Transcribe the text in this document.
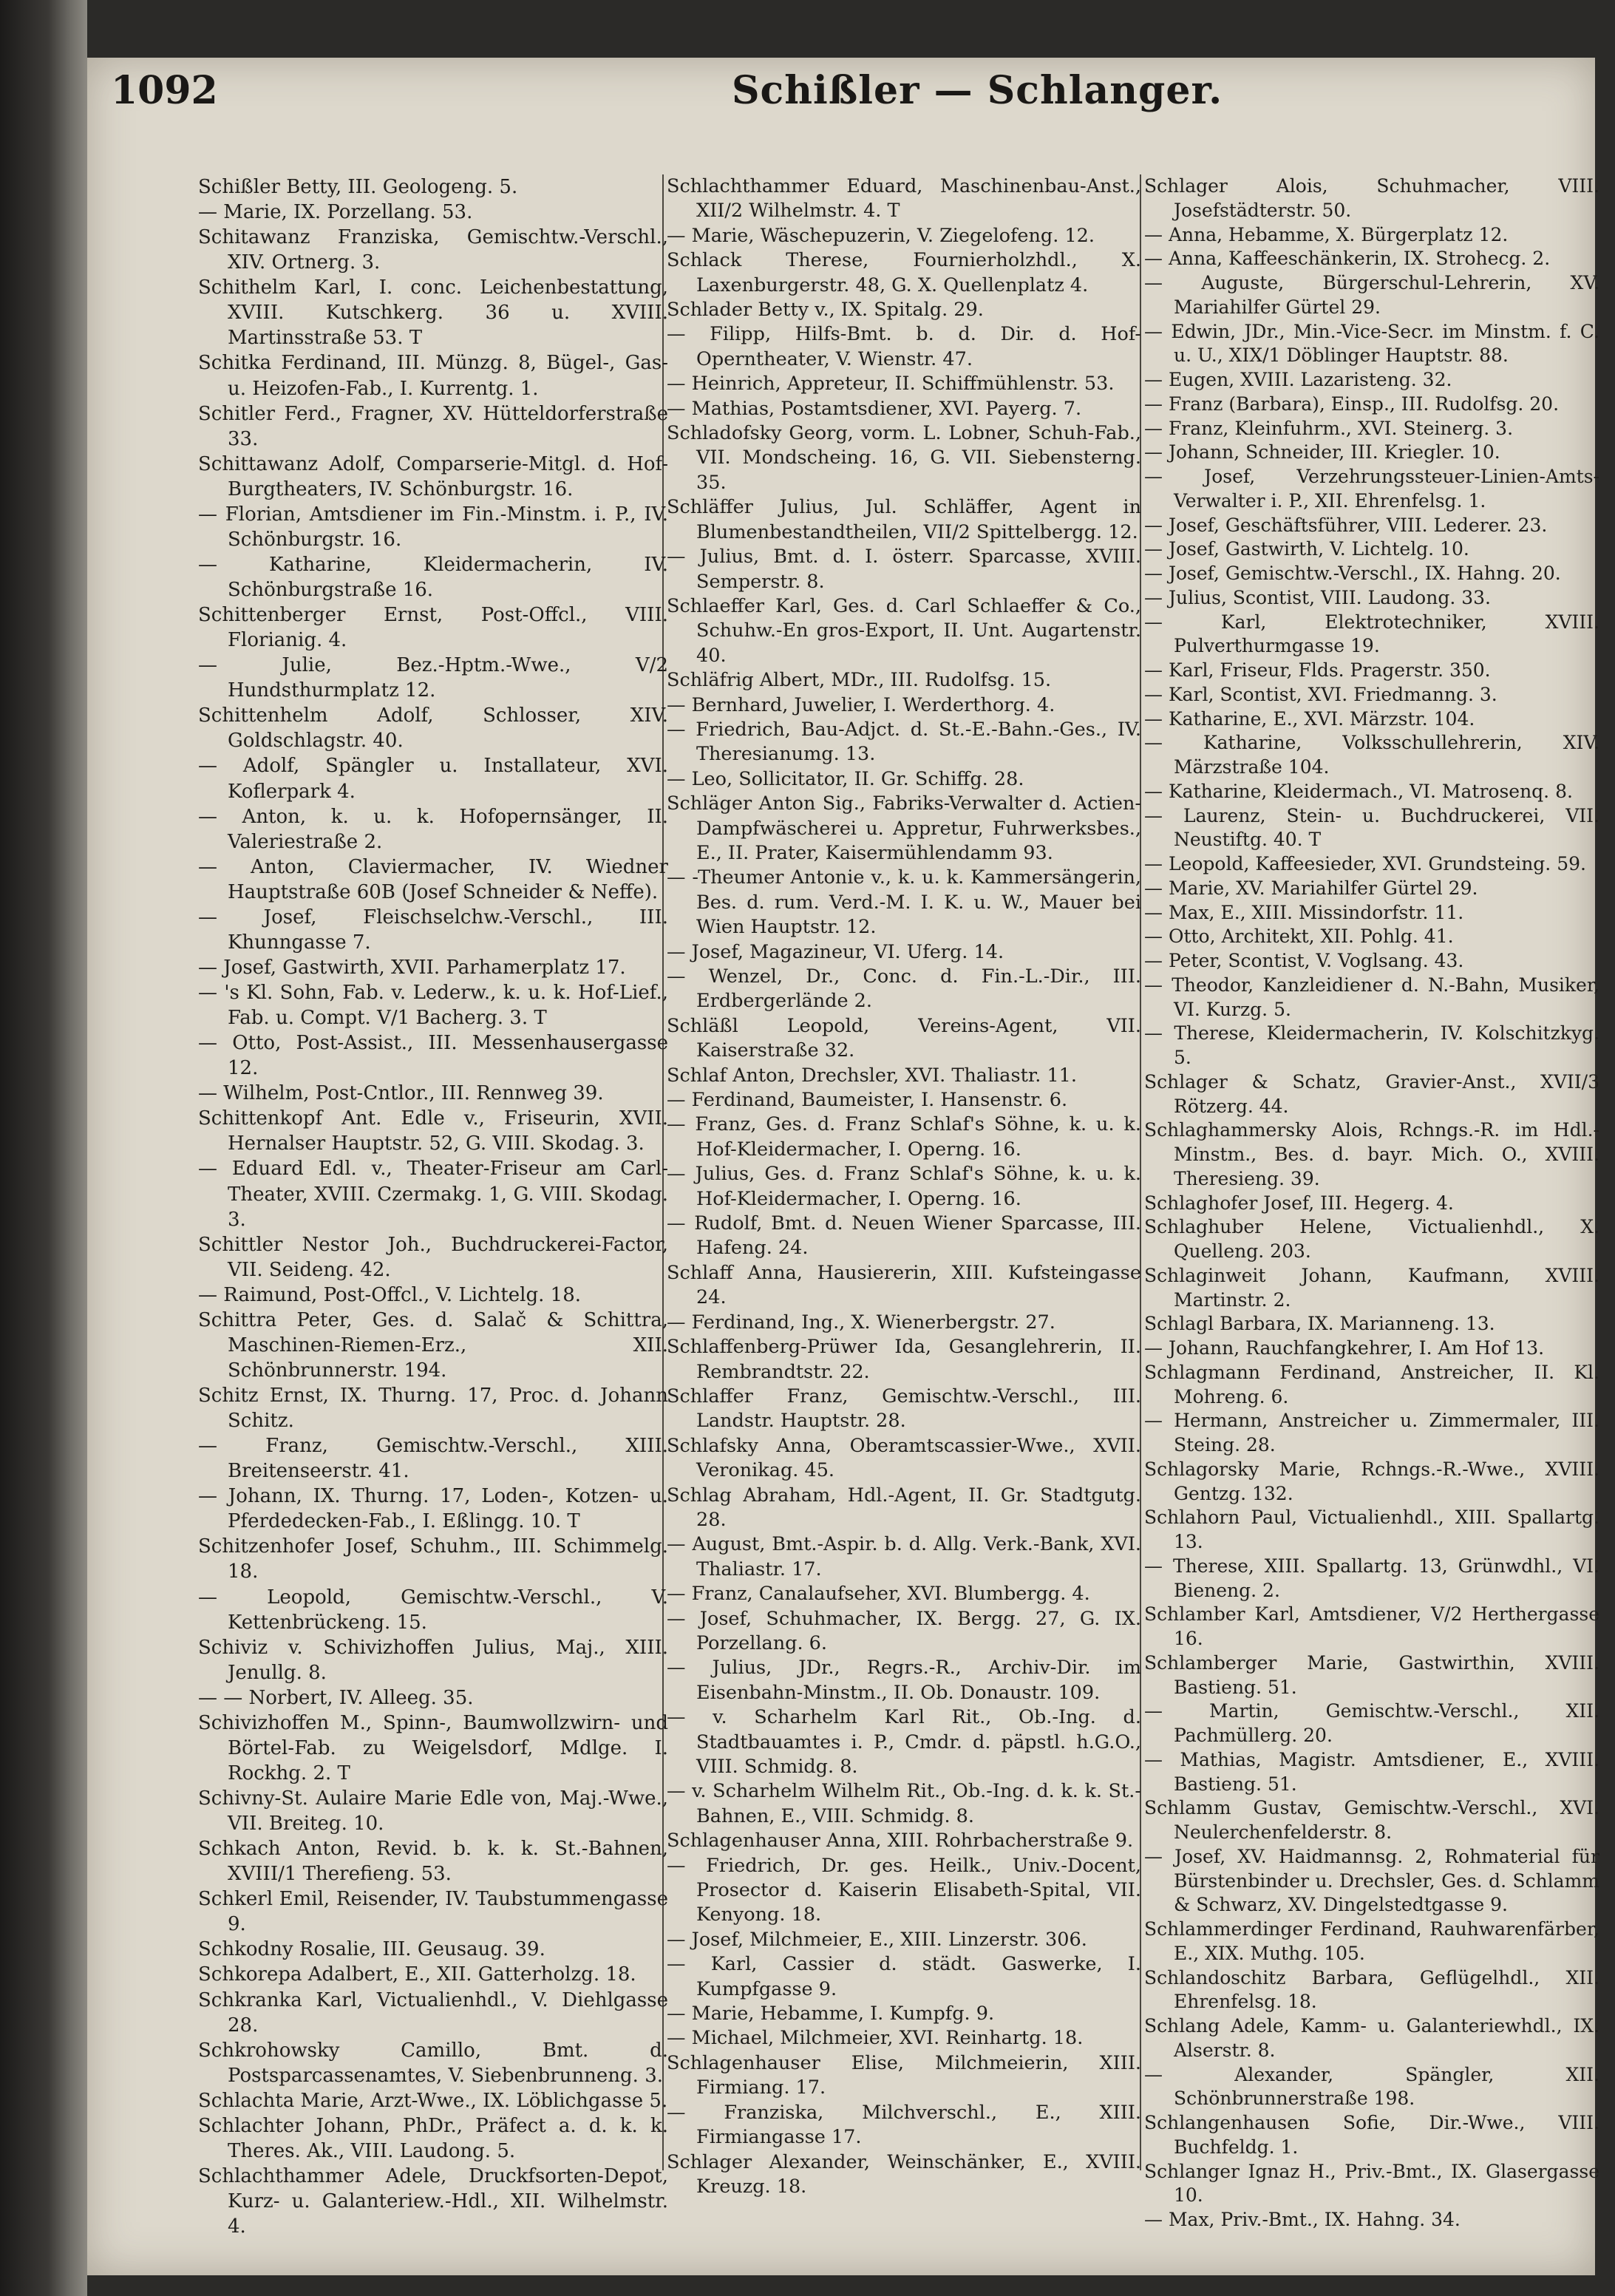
1092	Schißler — Schlanger.
Schißler Betty, III. Geologeng. 5.
— Marie, IX. Porzellang. 53.
Schitawanz Franziska, Gemischtw.-Verschl., XIV. Ortnerg. 3.
Schithelm Karl, I. conc. Leichenbestattung, XVIII. Kutschkerg. 36 u. XVIII. Martinsstraße 53. T
Schitka Ferdinand, III. Münzg. 8, Bügel-, Gas- u. Heizofen-Fab., I. Kurrentg. 1.
Schitler Ferd., Fragner, XV. Hütteldorferstraße 33.
Schittawanz Adolf, Comparserie-Mitgl. d. Hof-Burgtheaters, IV. Schönburgstr. 16.
— Florian, Amtsdiener im Fin.-Minstm. i. P., IV. Schönburgstr. 16.
— Katharine, Kleidermacherin, IV. Schönburgstraße 16.
Schittenberger Ernst, Post-Offcl., VIII. Florianig. 4.
— Julie, Bez.-Hptm.-Wwe., V/2 Hundsthurmplatz 12.
Schittenhelm Adolf, Schlosser, XIV. Goldschlagstr. 40.
— Adolf, Spängler u. Installateur, XVI. Koflerpark 4.
— Anton, k. u. k. Hofopernsänger, II. Valeriestraße 2.
— Anton, Claviermacher, IV. Wiedner Hauptstraße 60B (Josef Schneider & Neffe).
— Josef, Fleischselchw.-Verschl., III. Khunngasse 7.
— Josef, Gastwirth, XVII. Parhamerplatz 17.
— 's Kl. Sohn, Fab. v. Lederw., k. u. k. Hof-Lief., Fab. u. Compt. V/1 Bacherg. 3. T
— Otto, Post-Assist., III. Messenhausergasse 12.
— Wilhelm, Post-Cntlor., III. Rennweg 39.
Schittenkopf Ant. Edle v., Friseurin, XVII. Hernalser Hauptstr. 52, G. VIII. Skodag. 3.
— Eduard Edl. v., Theater-Friseur am Carl-Theater, XVIII. Czermakg. 1, G. VIII. Skodag. 3.
Schittler Nestor Joh., Buchdruckerei-Factor, VII. Seideng. 42.
— Raimund, Post-Offcl., V. Lichtelg. 18.
Schittra Peter, Ges. d. Salač & Schittra, Maschinen-Riemen-Erz., XII. Schönbrunnerstr. 194.
Schitz Ernst, IX. Thurng. 17, Proc. d. Johann Schitz.
— Franz, Gemischtw.-Verschl., XIII. Breitenseerstr. 41.
— Johann, IX. Thurng. 17, Loden-, Kotzen- u. Pferdedecken-Fab., I. Eßlingg. 10. T
Schitzenhofer Josef, Schuhm., III. Schimmelg. 18.
— Leopold, Gemischtw.-Verschl., V. Kettenbrückeng. 15.
Schiviz v. Schivizhoffen Julius, Maj., XIII. Jenullg. 8.
— — Norbert, IV. Alleeg. 35.
Schivizhoffen M., Spinn-, Baumwollzwirn- und Börtel-Fab. zu Weigelsdorf, Mdlge. I. Rockhg. 2. T
Schivny-St. Aulaire Marie Edle von, Maj.-Wwe., VII. Breiteg. 10.
Schkach Anton, Revid. b. k. k. St.-Bahnen, XVIII/1 Therefieng. 53.
Schkerl Emil, Reisender, IV. Taubstummengasse 9.
Schkodny Rosalie, III. Geusaug. 39.
Schkorepa Adalbert, E., XII. Gatterholzg. 18.
Schkranka Karl, Victualienhdl., V. Diehlgasse 28.
Schkrohowsky Camillo, Bmt. d. Postsparcassenamtes, V. Siebenbrunneng. 3.
Schlachta Marie, Arzt-Wwe., IX. Löblichgasse 5.
Schlachter Johann, PhDr., Präfect a. d. k. k. Theres. Ak., VIII. Laudong. 5.
Schlachthammer Adele, Druckfsorten-Depot, Kurz- u. Galanteriew.-Hdl., XII. Wilhelmstr. 4.
Schlachthammer Eduard, Maschinenbau-Anst., XII/2 Wilhelmstr. 4. T
— Marie, Wäschepuzerin, V. Ziegelofeng. 12.
Schlack Therese, Fournierholzhdl., X. Laxenburgerstr. 48, G. X. Quellenplatz 4.
Schlader Betty v., IX. Spitalg. 29.
— Filipp, Hilfs-Bmt. b. d. Dir. d. Hof-Operntheater, V. Wienstr. 47.
— Heinrich, Appreteur, II. Schiffmühlenstr. 53.
— Mathias, Postamtsdiener, XVI. Payerg. 7.
Schladofsky Georg, vorm. L. Lobner, Schuh-Fab., VII. Mondscheing. 16, G. VII. Siebensterng. 35.
Schläffer Julius, Jul. Schläffer, Agent in Blumenbestandtheilen, VII/2 Spittelbergg. 12.
— Julius, Bmt. d. I. österr. Sparcasse, XVIII. Semperstr. 8.
Schlaeffer Karl, Ges. d. Carl Schlaeffer & Co., Schuhw.-En gros-Export, II. Unt. Augartenstr. 40.
Schläfrig Albert, MDr., III. Rudolfsg. 15.
— Bernhard, Juwelier, I. Werderthorg. 4.
— Friedrich, Bau-Adjct. d. St.-E.-Bahn.-Ges., IV. Theresianumg. 13.
— Leo, Sollicitator, II. Gr. Schiffg. 28.
Schläger Anton Sig., Fabriks-Verwalter d. Actien-Dampfwäscherei u. Appretur, Fuhrwerksbes., E., II. Prater, Kaisermühlendamm 93.
— -Theumer Antonie v., k. u. k. Kammersängerin, Bes. d. rum. Verd.-M. I. K. u. W., Mauer bei Wien Hauptstr. 12.
— Josef, Magazineur, VI. Uferg. 14.
— Wenzel, Dr., Conc. d. Fin.-L.-Dir., III. Erdbergerlände 2.
Schläßl Leopold, Vereins-Agent, VII. Kaiserstraße 32.
Schlaf Anton, Drechsler, XVI. Thaliastr. 11.
— Ferdinand, Baumeister, I. Hansenstr. 6.
— Franz, Ges. d. Franz Schlaf's Söhne, k. u. k. Hof-Kleidermacher, I. Operng. 16.
— Julius, Ges. d. Franz Schlaf's Söhne, k. u. k. Hof-Kleidermacher, I. Operng. 16.
— Rudolf, Bmt. d. Neuen Wiener Sparcasse, III. Hafeng. 24.
Schlaff Anna, Hausiererin, XIII. Kufsteingasse 24.
— Ferdinand, Ing., X. Wienerbergstr. 27.
Schlaffenberg-Prüwer Ida, Gesanglehrerin, II. Rembrandtstr. 22.
Schlaffer Franz, Gemischtw.-Verschl., III. Landstr. Hauptstr. 28.
Schlafsky Anna, Oberamtscassier-Wwe., XVII. Veronikag. 45.
Schlag Abraham, Hdl.-Agent, II. Gr. Stadtgutg. 28.
— August, Bmt.-Aspir. b. d. Allg. Verk.-Bank, XVI. Thaliastr. 17.
— Franz, Canalaufseher, XVI. Blumbergg. 4.
— Josef, Schuhmacher, IX. Bergg. 27, G. IX. Porzellang. 6.
— Julius, JDr., Regrs.-R., Archiv-Dir. im Eisenbahn-Minstm., II. Ob. Donaustr. 109.
— v. Scharhelm Karl Rit., Ob.-Ing. d. Stadtbauamtes i. P., Cmdr. d. päpstl. h.G.O., VIII. Schmidg. 8.
— v. Scharhelm Wilhelm Rit., Ob.-Ing. d. k. k. St.-Bahnen, E., VIII. Schmidg. 8.
Schlagenhauser Anna, XIII. Rohrbacherstraße 9.
— Friedrich, Dr. ges. Heilk., Univ.-Docent, Prosector d. Kaiserin Elisabeth-Spital, VII. Kenyong. 18.
— Josef, Milchmeier, E., XIII. Linzerstr. 306.
— Karl, Cassier d. städt. Gaswerke, I. Kumpfgasse 9.
— Marie, Hebamme, I. Kumpfg. 9.
— Michael, Milchmeier, XVI. Reinhartg. 18.
Schlagenhauser Elise, Milchmeierin, XIII. Firmiang. 17.
— Franziska, Milchverschl., E., XIII. Firmiangasse 17.
Schlager Alexander, Weinschänker, E., XVIII. Kreuzg. 18.
Schlager Alois, Schuhmacher, VIII. Josefstädterstr. 50.
— Anna, Hebamme, X. Bürgerplatz 12.
— Anna, Kaffeeschänkerin, IX. Strohecg. 2.
— Auguste, Bürgerschul-Lehrerin, XV. Mariahilfer Gürtel 29.
— Edwin, JDr., Min.-Vice-Secr. im Minstm. f. C. u. U., XIX/1 Döblinger Hauptstr. 88.
— Eugen, XVIII. Lazaristeng. 32.
— Franz (Barbara), Einsp., III. Rudolfsg. 20.
— Franz, Kleinfuhrm., XVI. Steinerg. 3.
— Johann, Schneider, III. Kriegler. 10.
— Josef, Verzehrungssteuer-Linien-Amts-Verwalter i. P., XII. Ehrenfelsg. 1.
— Josef, Geschäftsführer, VIII. Lederer. 23.
— Josef, Gastwirth, V. Lichtelg. 10.
— Josef, Gemischtw.-Verschl., IX. Hahng. 20.
— Julius, Scontist, VIII. Laudong. 33.
— Karl, Elektrotechniker, XVIII. Pulverthurmgasse 19.
— Karl, Friseur, Flds. Pragerstr. 350.
— Karl, Scontist, XVI. Friedmanng. 3.
— Katharine, E., XVI. Märzstr. 104.
— Katharine, Volksschullehrerin, XIV. Märzstraße 104.
— Katharine, Kleidermach., VI. Matrosenq. 8.
— Laurenz, Stein- u. Buchdruckerei, VII. Neustiftg. 40. T
— Leopold, Kaffeesieder, XVI. Grundsteing. 59.
— Marie, XV. Mariahilfer Gürtel 29.
— Max, E., XIII. Missindorfstr. 11.
— Otto, Architekt, XII. Pohlg. 41.
— Peter, Scontist, V. Voglsang. 43.
— Theodor, Kanzleidiener d. N.-Bahn, Musiker, VI. Kurzg. 5.
— Therese, Kleidermacherin, IV. Kolschitzkyg. 5.
Schlager & Schatz, Gravier-Anst., XVII/3 Rötzerg. 44.
Schlaghammersky Alois, Rchngs.-R. im Hdl.-Minstm., Bes. d. bayr. Mich. O., XVIII. Theresieng. 39.
Schlaghofer Josef, III. Hegerg. 4.
Schlaghuber Helene, Victualienhdl., X. Quelleng. 203.
Schlaginweit Johann, Kaufmann, XVIII. Martinstr. 2.
Schlagl Barbara, IX. Marianneng. 13.
— Johann, Rauchfangkehrer, I. Am Hof 13.
Schlagmann Ferdinand, Anstreicher, II. Kl. Mohreng. 6.
— Hermann, Anstreicher u. Zimmermaler, III. Steing. 28.
Schlagorsky Marie, Rchngs.-R.-Wwe., XVIII. Gentzg. 132.
Schlahorn Paul, Victualienhdl., XIII. Spallartg. 13.
— Therese, XIII. Spallartg. 13, Grünwdhl., VI. Bieneng. 2.
Schlamber Karl, Amtsdiener, V/2 Herthergasse 16.
Schlamberger Marie, Gastwirthin, XVIII. Bastieng. 51.
— Martin, Gemischtw.-Verschl., XII. Pachmüllerg. 20.
— Mathias, Magistr. Amtsdiener, E., XVIII. Bastieng. 51.
Schlamm Gustav, Gemischtw.-Verschl., XVI. Neulerchenfelderstr. 8.
— Josef, XV. Haidmannsg. 2, Rohmaterial für Bürstenbinder u. Drechsler, Ges. d. Schlamm & Schwarz, XV. Dingelstedtgasse 9.
Schlammerdinger Ferdinand, Rauhwarenfärber, E., XIX. Muthg. 105.
Schlandoschitz Barbara, Geflügelhdl., XII. Ehrenfelsg. 18.
Schlang Adele, Kamm- u. Galanteriewhdl., IX. Alserstr. 8.
— Alexander, Spängler, XII. Schönbrunnerstraße 198.
Schlangenhausen Sofie, Dir.-Wwe., VIII. Buchfeldg. 1.
Schlanger Ignaz H., Priv.-Bmt., IX. Glasergasse 10.
— Max, Priv.-Bmt., IX. Hahng. 34.
